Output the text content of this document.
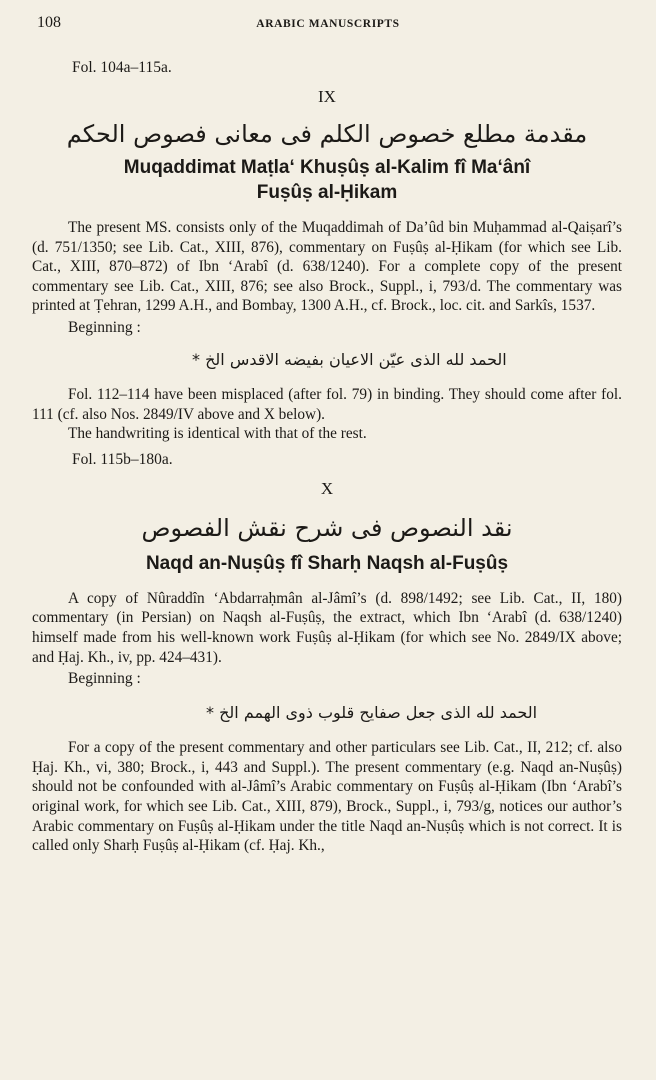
108	ARABIC MANUSCRIPTS

Fol. 104a–115a.

IX
مقدمة مطلع خصوص الكلم فى معانى فصوص الحكم
Muqaddimat Maṭla‘ Khuṣûṣ al-Kalim fî Ma‘ânî
Fuṣûṣ al-Ḥikam

The present MS. consists only of the Muqaddimah of Da’ûd bin Muḥammad al-Qaiṣarî’s (d. 751/1350; see Lib. Cat., XIII, 876), commentary on Fuṣûṣ al-Ḥikam (for which see Lib. Cat., XIII, 870–872) of Ibn ‘Arabî (d. 638/1240). For a complete copy of the present commentary see Lib. Cat., XIII, 876; see also Brock., Suppl., i, 793/d. The commentary was printed at Ṭehran, 1299 A.H., and Bombay, 1300 A.H., cf. Brock., loc. cit. and Sarkîs, 1537.

Beginning :

الحمد لله الذى عيّن الاعيان بفيضه الاقدس الخ *

Fol. 112–114 have been misplaced (after fol. 79) in binding. They should come after fol. 111 (cf. also Nos. 2849/IV above and X below).

The handwriting is identical with that of the rest.

Fol. 115b–180a.

X
نقد النصوص فى شرح نقش الفصوص
Naqd an-Nuṣûṣ fî Sharḥ Naqsh al-Fuṣûṣ

A copy of Nûraddîn ‘Abdarraḥmân al-Jâmî’s (d. 898/1492; see Lib. Cat., II, 180) commentary (in Persian) on Naqsh al-Fuṣûṣ, the extract, which Ibn ‘Arabî (d. 638/1240) himself made from his well-known work Fuṣûṣ al-Ḥikam (for which see No. 2849/IX above; and Ḥaj. Kh., iv, pp. 424–431).

Beginning :

الحمد لله الذى جعل صفايح قلوب ذوى الهمم الخ *

For a copy of the present commentary and other particulars see Lib. Cat., II, 212; cf. also Ḥaj. Kh., vi, 380; Brock., i, 443 and Suppl.). The present commentary (e.g. Naqd an-Nuṣûṣ) should not be confounded with al-Jâmî’s Arabic commentary on Fuṣûṣ al-Ḥikam (Ibn ‘Arabî’s original work, for which see Lib. Cat., XIII, 879), Brock., Suppl., i, 793/g, notices our author’s Arabic commentary on Fuṣûṣ al-Ḥikam under the title Naqd an-Nuṣûṣ which is not correct. It is called only Sharḥ Fuṣûṣ al-Ḥikam (cf. Ḥaj. Kh.,
